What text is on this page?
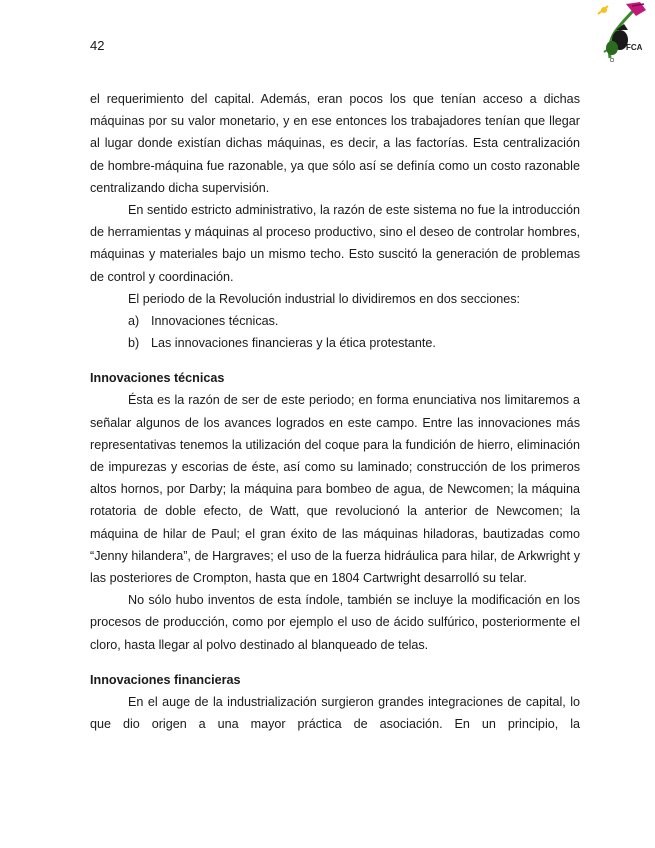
42	FCA

el requerimiento del capital. Además, eran pocos los que tenían acceso a dichas máquinas por su valor monetario, y en ese entonces los trabajadores tenían que llegar al lugar donde existían dichas máquinas, es decir, a las factorías. Esta centralización de hombre-máquina fue razonable, ya que sólo así se definía como un costo razonable centralizando dicha supervisión.

En sentido estricto administrativo, la razón de este sistema no fue la introducción de herramientas y máquinas al proceso productivo, sino el deseo de controlar hombres, máquinas y materiales bajo un mismo techo. Esto suscitó la generación de problemas de control y coordinación.

El periodo de la Revolución industrial lo dividiremos en dos secciones:

a) Innovaciones técnicas.
b) Las innovaciones financieras y la ética protestante.
Innovaciones técnicas

Ésta es la razón de ser de este periodo; en forma enunciativa nos limitaremos a señalar algunos de los avances logrados en este campo. Entre las innovaciones más representativas tenemos la utilización del coque para la fundición de hierro, eliminación de impurezas y escorias de éste, así como su laminado; construcción de los primeros altos hornos, por Darby; la máquina para bombeo de agua, de Newcomen; la máquina rotatoria de doble efecto, de Watt, que revolucionó la anterior de Newcomen; la máquina de hilar de Paul; el gran éxito de las máquinas hiladoras, bautizadas como “Jenny hilandera”, de Hargraves; el uso de la fuerza hidráulica para hilar, de Arkwright y las posteriores de Crompton, hasta que en 1804 Cartwright desarrolló su telar.

No sólo hubo inventos de esta índole, también se incluye la modificación en los procesos de producción, como por ejemplo el uso de ácido sulfúrico, posteriormente el cloro, hasta llegar al polvo destinado al blanqueado de telas.

Innovaciones financieras

En el auge de la industrialización surgieron grandes integraciones de capital, lo que dio origen a una mayor práctica de asociación. En un principio, la
